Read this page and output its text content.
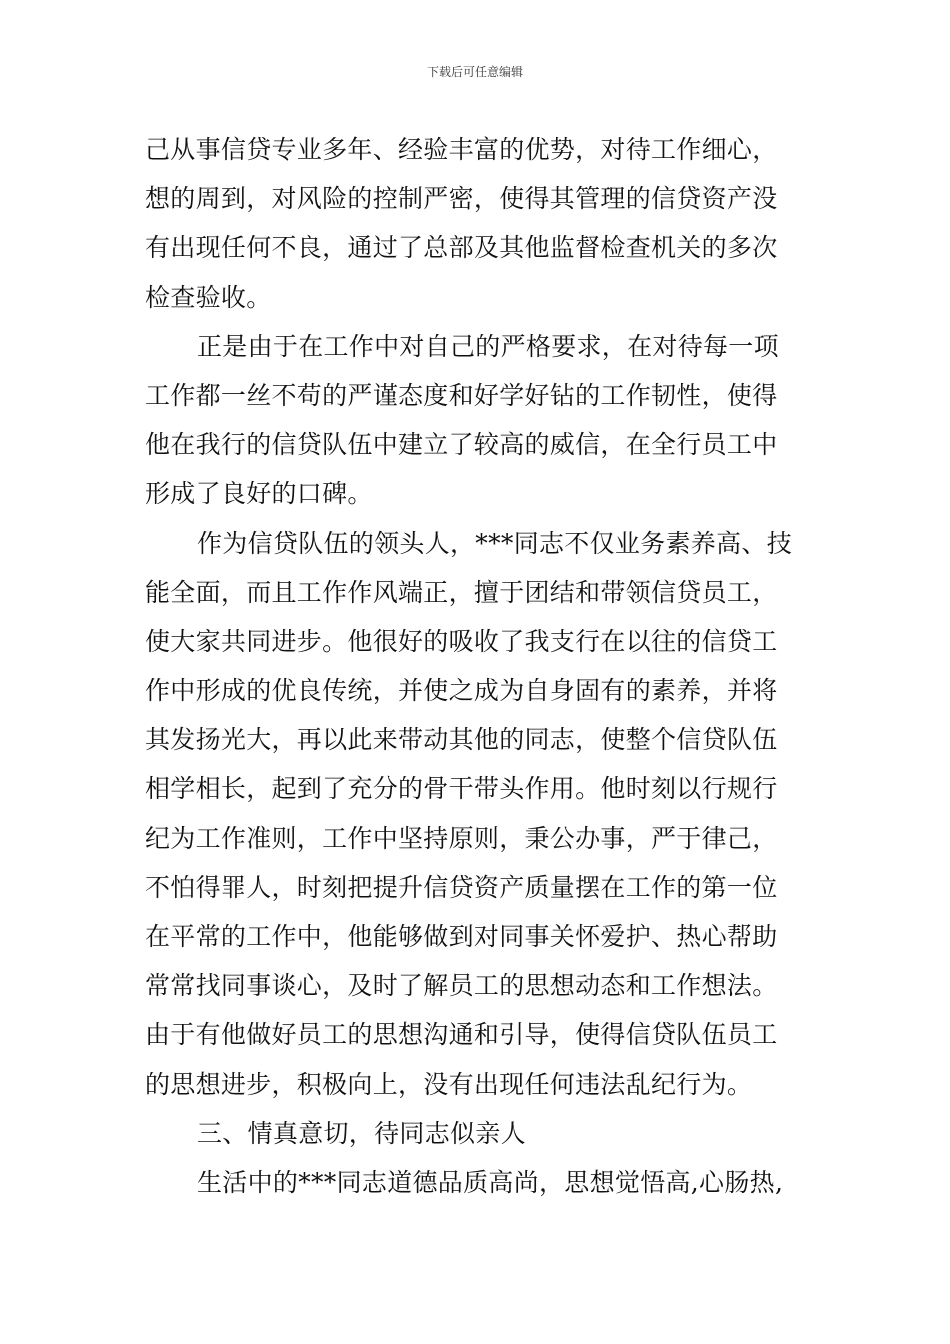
下载后可任意编辑
己从事信贷专业多年、经验丰富的优势，对待工作细心，
想的周到，对风险的控制严密，使得其管理的信贷资产没
有出现任何不良，通过了总部及其他监督检查机关的多次
检查验收。
正是由于在工作中对自己的严格要求，在对待每一项
工作都一丝不苟的严谨态度和好学好钻的工作韧性，使得
他在我行的信贷队伍中建立了较高的威信，在全行员工中
形成了良好的口碑。
作为信贷队伍的领头人，***同志不仅业务素养高、技
能全面，而且工作作风端正，擅于团结和带领信贷员工，
使大家共同进步。他很好的吸收了我支行在以往的信贷工
作中形成的优良传统，并使之成为自身固有的素养，并将
其发扬光大，再以此来带动其他的同志，使整个信贷队伍
相学相长，起到了充分的骨干带头作用。他时刻以行规行
纪为工作准则，工作中坚持原则，秉公办事，严于律己，
不怕得罪人，时刻把提升信贷资产质量摆在工作的第一位
在平常的工作中，他能够做到对同事关怀爱护、热心帮助
常常找同事谈心，及时了解员工的思想动态和工作想法。
由于有他做好员工的思想沟通和引导，使得信贷队伍员工
的思想进步，积极向上，没有出现任何违法乱纪行为。
三、情真意切，待同志似亲人
生活中的***同志道德品质高尚，思想觉悟高,心肠热,
